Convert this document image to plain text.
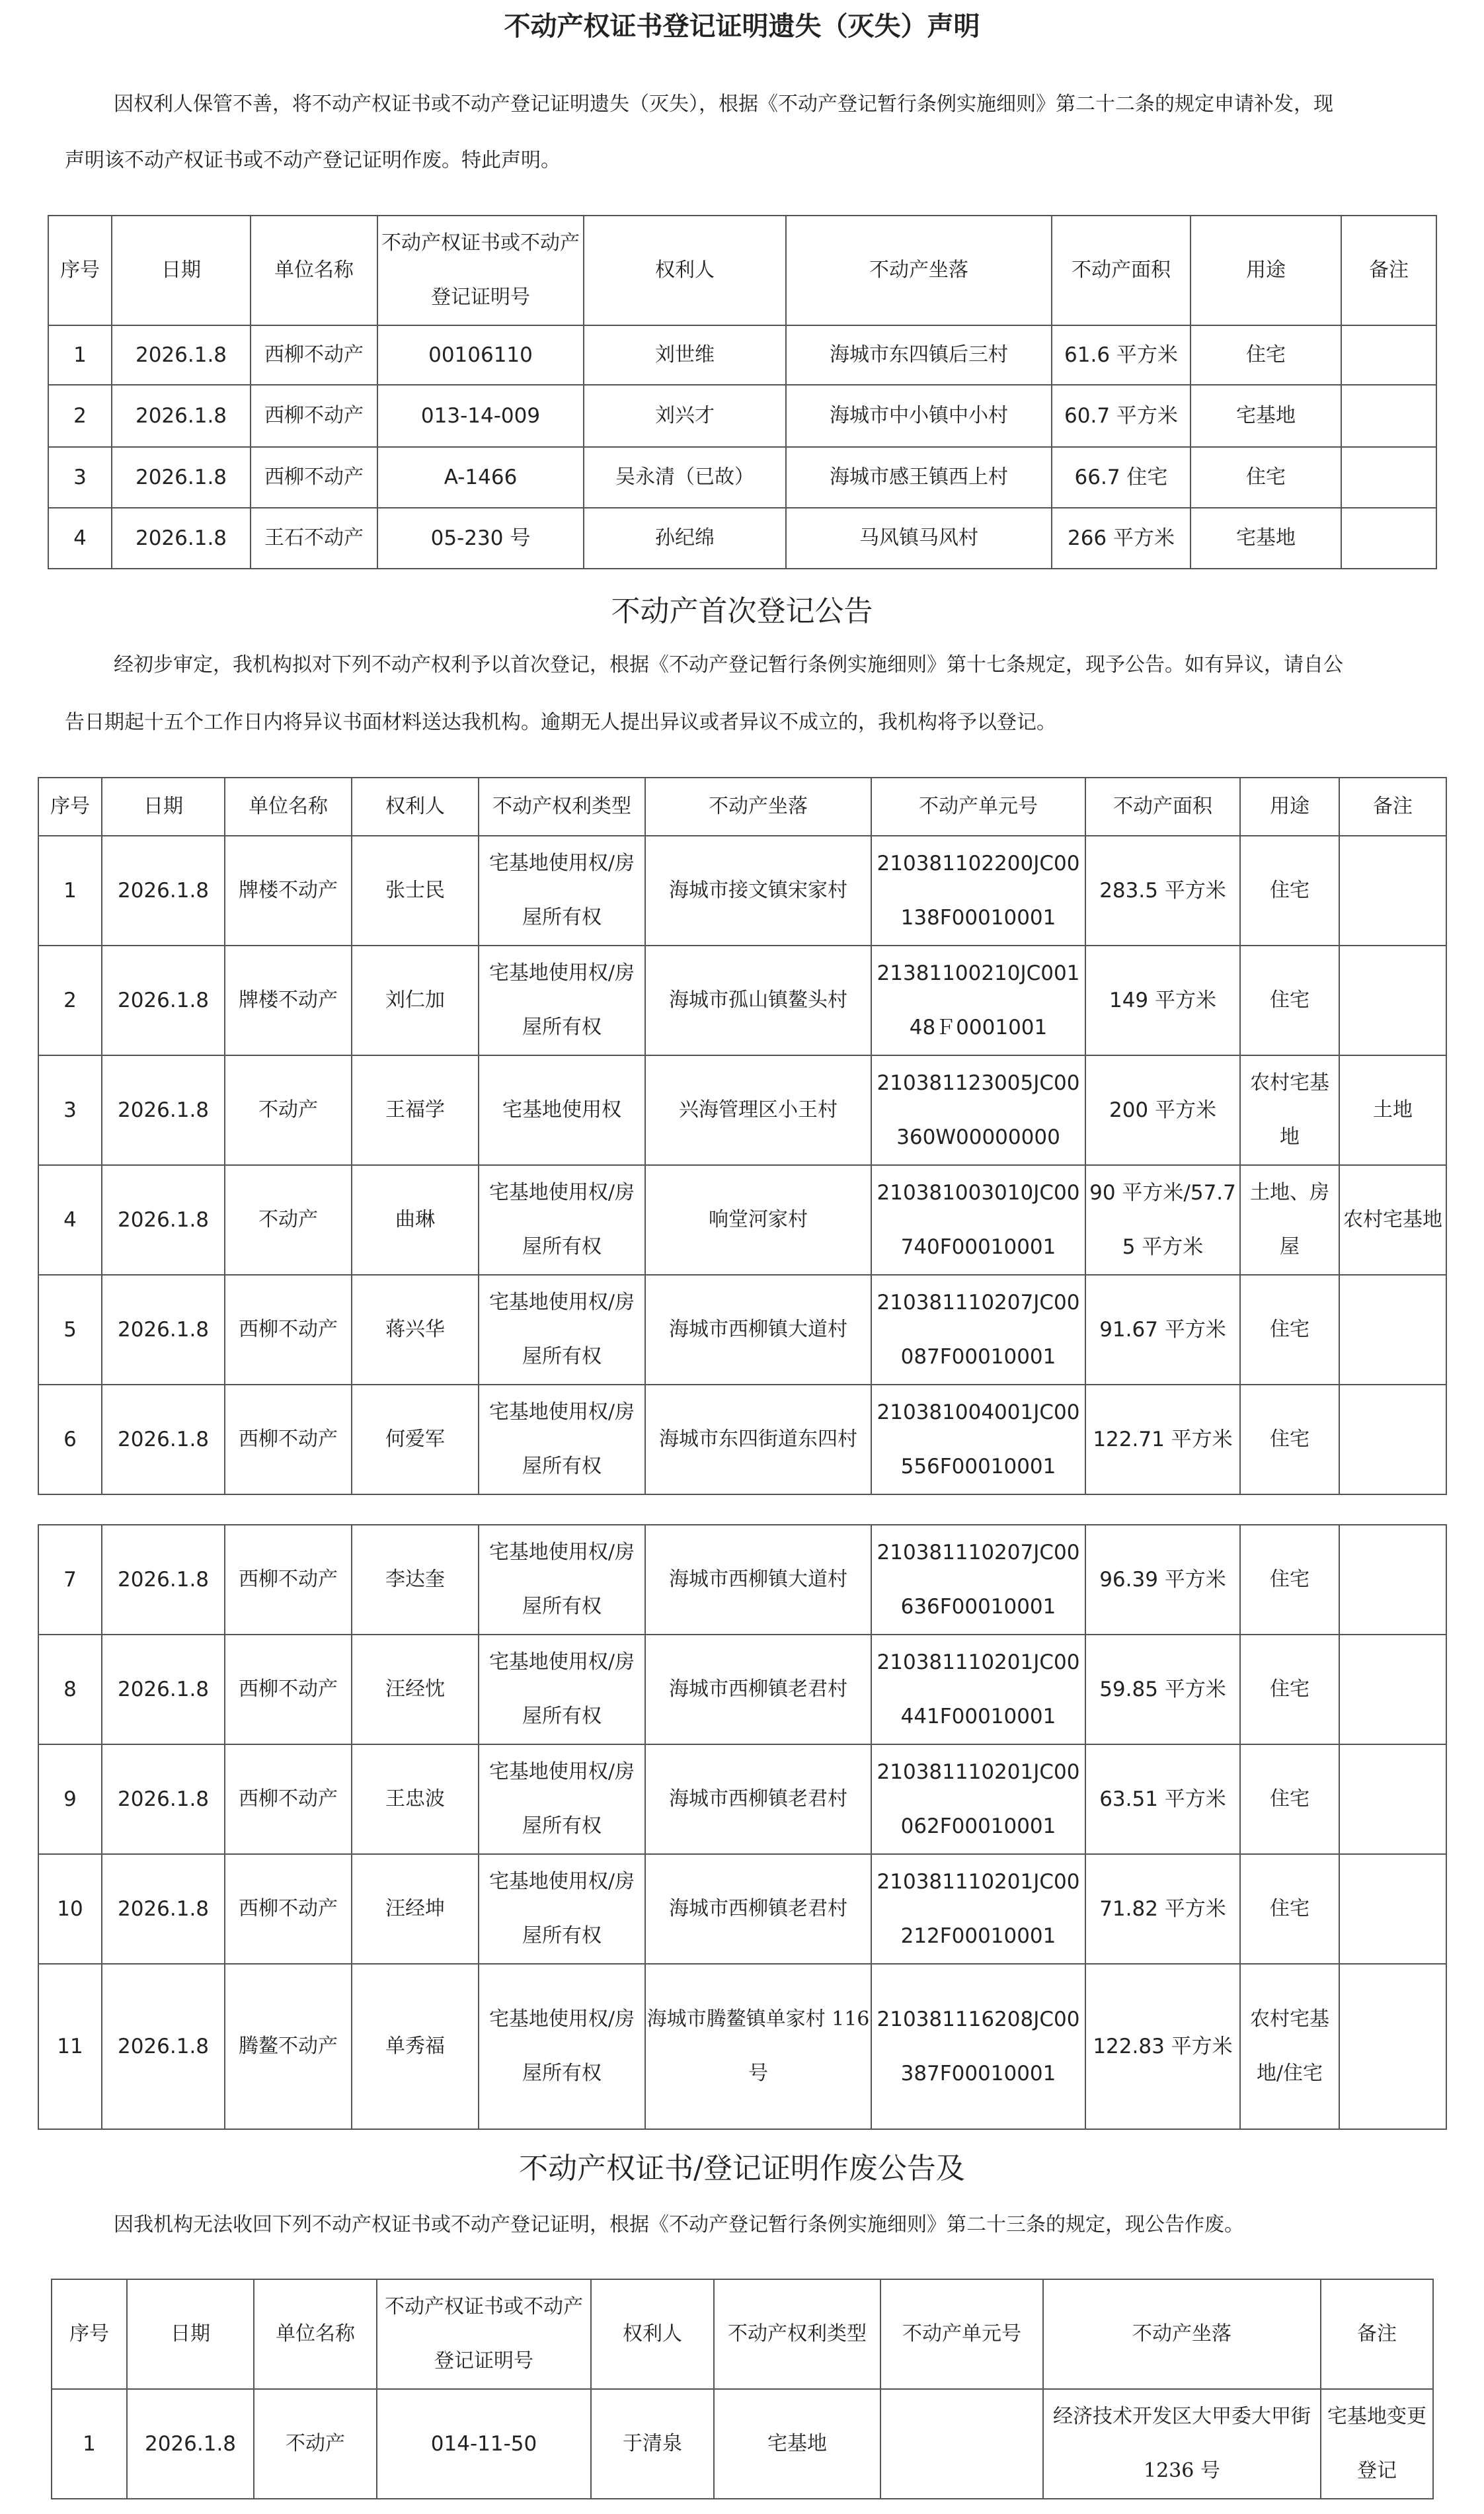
不动产权证书登记证明遗失（灭失）声明
因权利人保管不善，将不动产权证书或不动产登记证明遗失（灭失），根据《不动产登记暂行条例实施细则》第二十二条的规定申请补发，现
声明该不动产权证书或不动产登记证明作废。特此声明。
序号	日期	单位名称	不动产权证书或不动产登记证明号	权利人	不动产坐落	不动产面积	用途	备注
1	2026.1.8	西柳不动产	00106110	刘世维	海城市东四镇后三村	61.6 平方米	住宅	
2	2026.1.8	西柳不动产	013-14-009	刘兴才	海城市中小镇中小村	60.7 平方米	宅基地	
3	2026.1.8	西柳不动产	A-1466	吴永清（已故）	海城市感王镇西上村	66.7 住宅	住宅	
4	2026.1.8	王石不动产	05-230 号	孙纪绵	马风镇马风村	266 平方米	宅基地	
不动产首次登记公告
经初步审定，我机构拟对下列不动产权利予以首次登记，根据《不动产登记暂行条例实施细则》第十七条规定，现予公告。如有异议，请自公
告日期起十五个工作日内将异议书面材料送达我机构。逾期无人提出异议或者异议不成立的，我机构将予以登记。
序号	日期	单位名称	权利人	不动产权利类型	不动产坐落	不动产单元号	不动产面积	用途	备注
1	2026.1.8	牌楼不动产	张士民	宅基地使用权/房屋所有权	海城市接文镇宋家村	210381102200JC00138F00010001	283.5 平方米	住宅	
2	2026.1.8	牌楼不动产	刘仁加	宅基地使用权/房屋所有权	海城市孤山镇鳌头村	21381100210JC00148Ｆ0001001	149 平方米	住宅	
3	2026.1.8	不动产	王福学	宅基地使用权	兴海管理区小王村	210381123005JC00360W00000000	200 平方米	农村宅基地	土地
4	2026.1.8	不动产	曲琳	宅基地使用权/房屋所有权	响堂河家村	210381003010JC00740F00010001	90 平方米/57.75 平方米	土地、房屋	农村宅基地
5	2026.1.8	西柳不动产	蒋兴华	宅基地使用权/房屋所有权	海城市西柳镇大道村	210381110207JC00087F00010001	91.67 平方米	住宅	
6	2026.1.8	西柳不动产	何爱军	宅基地使用权/房屋所有权	海城市东四街道东四村	210381004001JC00556F00010001	122.71 平方米	住宅	
7	2026.1.8	西柳不动产	李达奎	宅基地使用权/房屋所有权	海城市西柳镇大道村	210381110207JC00636F00010001	96.39 平方米	住宅	
8	2026.1.8	西柳不动产	汪经忱	宅基地使用权/房屋所有权	海城市西柳镇老君村	210381110201JC00441F00010001	59.85 平方米	住宅	
9	2026.1.8	西柳不动产	王忠波	宅基地使用权/房屋所有权	海城市西柳镇老君村	210381110201JC00062F00010001	63.51 平方米	住宅	
10	2026.1.8	西柳不动产	汪经坤	宅基地使用权/房屋所有权	海城市西柳镇老君村	210381110201JC00212F00010001	71.82 平方米	住宅	
11	2026.1.8	腾鳌不动产	单秀福	宅基地使用权/房屋所有权	海城市腾鳌镇单家村 116 号	210381116208JC00387F00010001	122.83 平方米	农村宅基地/住宅	
不动产权证书/登记证明作废公告及
因我机构无法收回下列不动产权证书或不动产登记证明，根据《不动产登记暂行条例实施细则》第二十三条的规定，现公告作废。
序号	日期	单位名称	不动产权证书或不动产登记证明号	权利人	不动产权利类型	不动产单元号	不动产坐落	备注
1	2026.1.8	不动产	014-11-50	于清泉	宅基地		经济技术开发区大甲委大甲街 1236 号	宅基地变更登记
